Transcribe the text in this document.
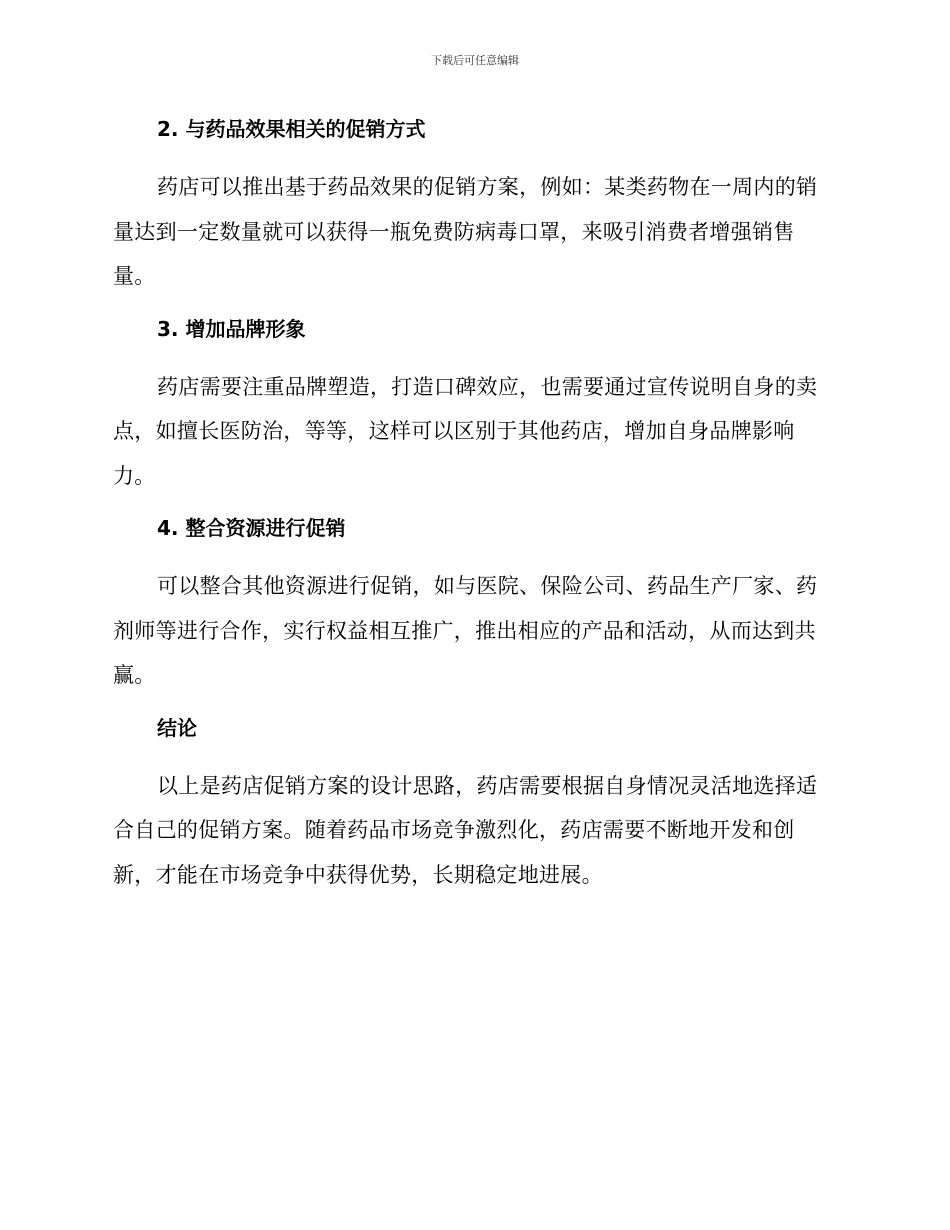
下载后可任意编辑
2. 与药品效果相关的促销方式

药店可以推出基于药品效果的促销方案，例如：某类药物在一周内的销量达到一定数量就可以获得一瓶免费防病毒口罩，来吸引消费者增强销售量。

3. 增加品牌形象

药店需要注重品牌塑造，打造口碑效应，也需要通过宣传说明自身的卖点，如擅长医防治，等等，这样可以区别于其他药店，增加自身品牌影响力。

4. 整合资源进行促销

可以整合其他资源进行促销，如与医院、保险公司、药品生产厂家、药剂师等进行合作，实行权益相互推广，推出相应的产品和活动，从而达到共赢。

结论

以上是药店促销方案的设计思路，药店需要根据自身情况灵活地选择适合自己的促销方案。随着药品市场竞争激烈化，药店需要不断地开发和创新，才能在市场竞争中获得优势，长期稳定地进展。
